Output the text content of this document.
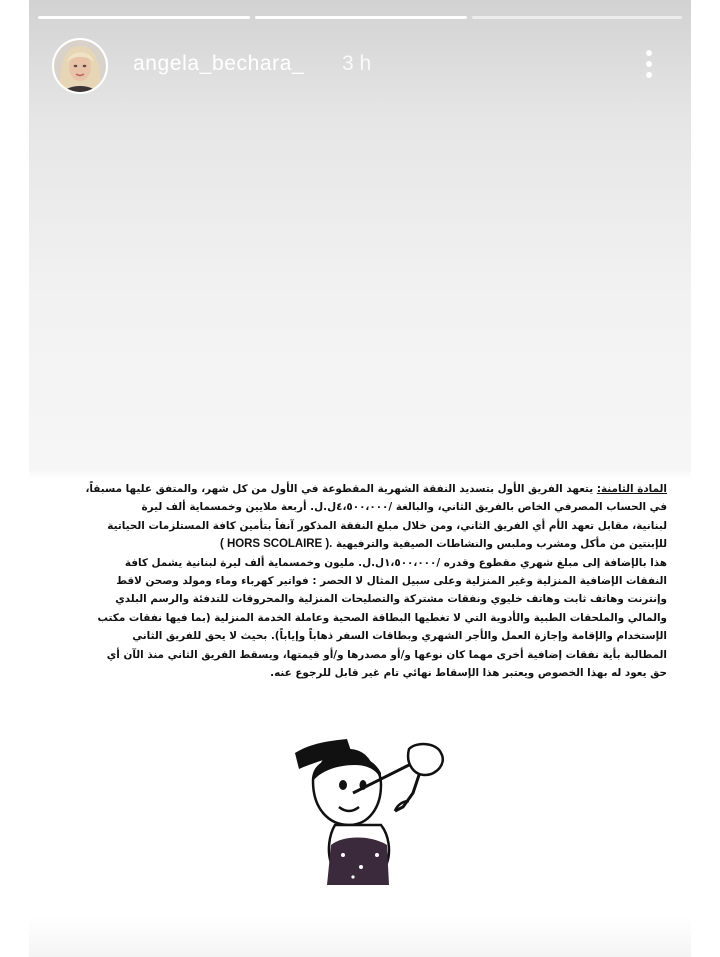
angela_bechara_ 3 h
المادة الثامنة: يتعهد الفريق الأول بتسديد النفقة الشهرية المقطوعة في الأول من كل شهر، والمتفق عليها مسبقاً،
في الحساب المصرفي الخاص بالفريق الثاني، والبالغة /٤،٥٠٠،٠٠٠ل.ل. أربعة ملايين وخمسماية ألف ليرة
لبنانية، مقابل تعهد الأم أي الفريق الثاني، ومن خلال مبلغ النفقة المذكور آنفاً بتأمين كافة المستلزمات الحياتية
للإبنتين من مأكل ومشرب وملبس والنشاطات الصيفية والترفيهية ( HORS SCOLAIRE ).
هذا بالإضافة إلى مبلغ شهري مقطوع وقدره /١،٥٠٠،٠٠٠ل.ل. مليون وخمسماية ألف ليرة لبنانية يشمل كافة
النفقات الإضافية المنزلية وغير المنزلية وعلى سبيل المثال لا الحصر : فواتير كهرباء وماء ومولد وصحن لاقط
وإنترنت وهاتف ثابت وهاتف خليوي ونفقات مشتركة والتصليحات المنزلية والمحروقات للتدفئة والرسم البلدي
والمالي والملحقات الطبية والأدوية التي لا تغطيها البطاقة الصحية وعاملة الخدمة المنزلية (بما فيها نفقات مكتب
الإستخدام والإقامة وإجازة العمل والأجر الشهري وبطاقات السفر ذهاباً وإياباً). بحيث لا يحق للفريق الثاني
المطالبة بأية نفقات إضافية أخرى مهما كان نوعها و/أو مصدرها و/أو قيمتها، ويسقط الفريق الثاني منذ الآن أي
حق يعود له بهذا الخصوص ويعتبر هذا الإسقاط نهائي تام غير قابل للرجوع عنه.
